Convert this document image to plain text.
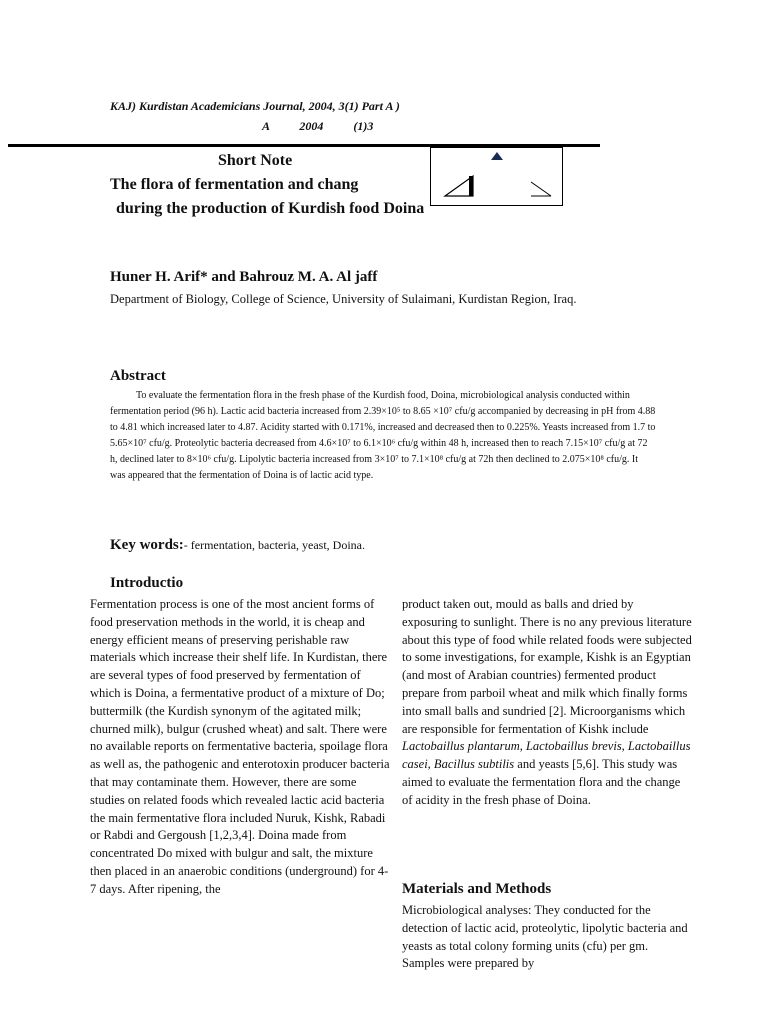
KAJ) Kurdistan Academicians Journal, 2004, 3(1) Part A )
A          2004          (1)3
Short Note
The flora of fermentation and chang
during the production of Kurdish food Doina
Huner H. Arif* and Bahrouz M. A. Al jaff
Department of Biology, College of Science, University of Sulaimani, Kurdistan Region, Iraq.
Abstract
To evaluate the fermentation flora in the fresh phase of the Kurdish food, Doina, microbiological analysis conducted within fermentation period (96 h). Lactic acid bacteria increased from 2.39×10⁵ to 8.65 ×10⁷ cfu/g accompanied by decreasing in pH from 4.88 to 4.81 which increased later to 4.87. Acidity started with 0.171%, increased and decreased then to 0.225%. Yeasts increased from 1.7 to 5.65×10⁷ cfu/g. Proteolytic bacteria decreased from 4.6×10⁷ to 6.1×10⁶ cfu/g within 48 h, increased then to reach 7.15×10⁷ cfu/g at 72 h, declined later to 8×10⁶ cfu/g. Lipolytic bacteria increased from 3×10⁷ to 7.1×10⁸ cfu/g at 72h then declined to 2.075×10⁸ cfu/g. It was appeared that the fermentation of Doina is of lactic acid type.
Key words:- fermentation, bacteria, yeast, Doina.
Introductio
Fermentation process is one of the most ancient forms of food preservation methods in the world, it is cheap and energy efficient means of preserving perishable raw materials which increase their shelf life. In Kurdistan, there are several types of food preserved by fermentation of which is Doina, a fermentative product of a mixture of Do; buttermilk (the Kurdish synonym of the agitated milk; churned milk), bulgur (crushed wheat) and salt. There were no available reports on fermentative bacteria, spoilage flora as well as, the pathogenic and enterotoxin producer bacteria that may contaminate them. However, there are some studies on related foods which revealed lactic acid bacteria the main fermentative flora included Nuruk, Kishk, Rabadi or Rabdi and Gergoush [1,2,3,4]. Doina made from concentrated Do mixed with bulgur and salt, the mixture then placed in an anaerobic conditions (underground) for 4-7 days. After ripening, the
product taken out, mould as balls and dried by exposuring to sunlight. There is no any previous literature about this type of food while related foods were subjected to some investigations, for example, Kishk is an Egyptian (and most of Arabian countries) fermented product prepare from parboil wheat and milk which finally forms into small balls and sundried [2]. Microorganisms which are responsible for fermentation of Kishk include Lactobaillus plantarum, Lactobaillus brevis, Lactobaillus casei, Bacillus subtilis and yeasts [5,6]. This study was aimed to evaluate the fermentation flora and the change of acidity in the fresh phase of Doina.
Materials and Methods
Microbiological analyses: They conducted for the detection of lactic acid, proteolytic, lipolytic bacteria and yeasts as total colony forming units (cfu) per gm. Samples were prepared by
